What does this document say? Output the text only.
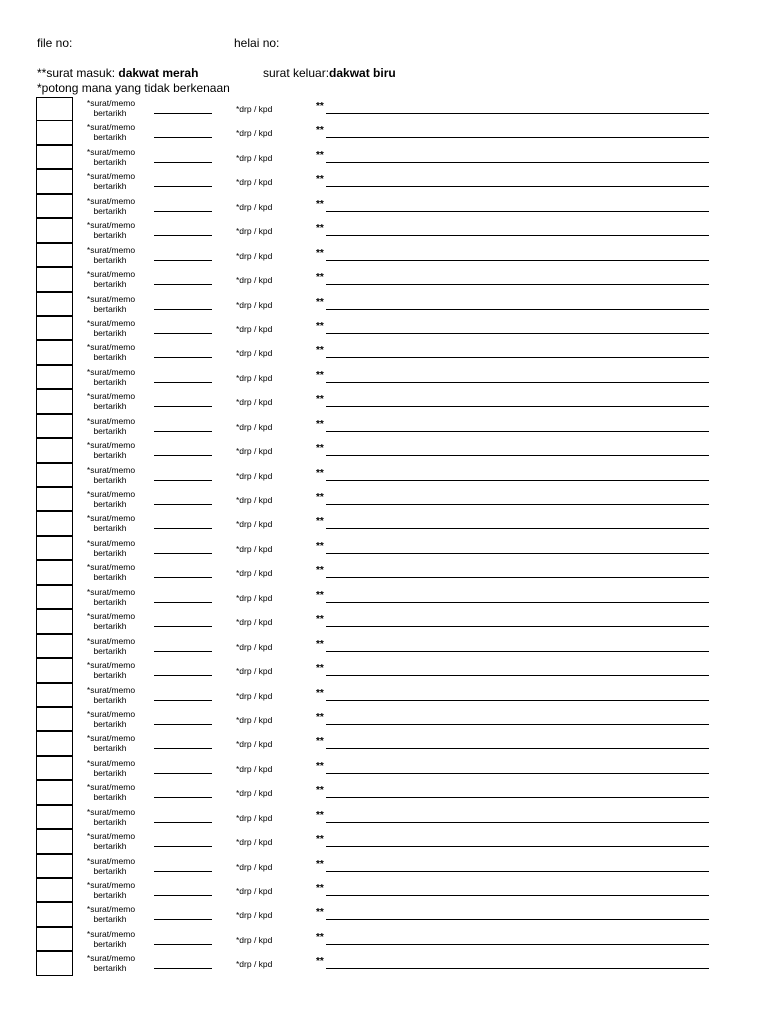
file no:	helai no:
**surat masuk: dakwat merah	surat keluar:dakwat biru
*potong mana yang tidak berkenaan
*surat/memo
bertarikh	*drp / kpd	**
*surat/memo
bertarikh	*drp / kpd	**
*surat/memo
bertarikh	*drp / kpd	**
*surat/memo
bertarikh	*drp / kpd	**
*surat/memo
bertarikh	*drp / kpd	**
*surat/memo
bertarikh	*drp / kpd	**
*surat/memo
bertarikh	*drp / kpd	**
*surat/memo
bertarikh	*drp / kpd	**
*surat/memo
bertarikh	*drp / kpd	**
*surat/memo
bertarikh	*drp / kpd	**
*surat/memo
bertarikh	*drp / kpd	**
*surat/memo
bertarikh	*drp / kpd	**
*surat/memo
bertarikh	*drp / kpd	**
*surat/memo
bertarikh	*drp / kpd	**
*surat/memo
bertarikh	*drp / kpd	**
*surat/memo
bertarikh	*drp / kpd	**
*surat/memo
bertarikh	*drp / kpd	**
*surat/memo
bertarikh	*drp / kpd	**
*surat/memo
bertarikh	*drp / kpd	**
*surat/memo
bertarikh	*drp / kpd	**
*surat/memo
bertarikh	*drp / kpd	**
*surat/memo
bertarikh	*drp / kpd	**
*surat/memo
bertarikh	*drp / kpd	**
*surat/memo
bertarikh	*drp / kpd	**
*surat/memo
bertarikh	*drp / kpd	**
*surat/memo
bertarikh	*drp / kpd	**
*surat/memo
bertarikh	*drp / kpd	**
*surat/memo
bertarikh	*drp / kpd	**
*surat/memo
bertarikh	*drp / kpd	**
*surat/memo
bertarikh	*drp / kpd	**
*surat/memo
bertarikh	*drp / kpd	**
*surat/memo
bertarikh	*drp / kpd	**
*surat/memo
bertarikh	*drp / kpd	**
*surat/memo
bertarikh	*drp / kpd	**
*surat/memo
bertarikh	*drp / kpd	**
*surat/memo
bertarikh	*drp / kpd	**
